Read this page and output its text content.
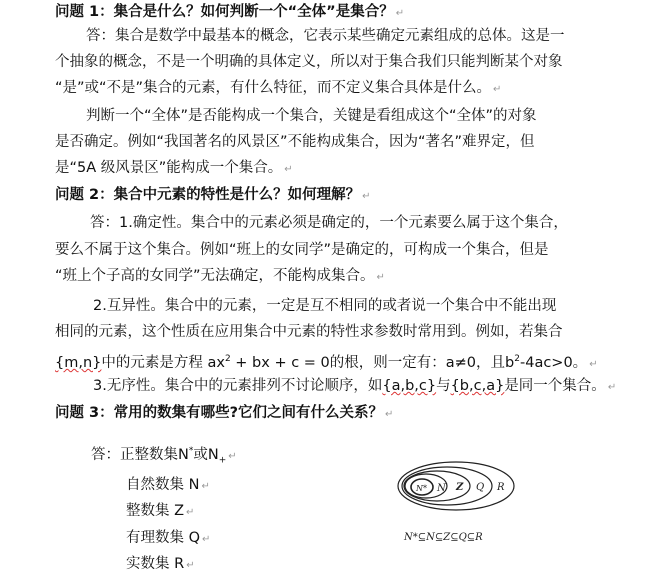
问题 1：集合是什么？如何判断一个“全体”是集合？ ↵
答：集合是数学中最基本的概念，它表示某些确定元素组成的总体。这是一
个抽象的概念，不是一个明确的具体定义，所以对于集合我们只能判断某个对象
“是”或“不是”集合的元素，有什么特征，而不定义集合具体是什么。 ↵
判断一个“全体”是否能构成一个集合，关键是看组成这个“全体”的对象
是否确定。例如“我国著名的风景区”不能构成集合，因为“著名”难界定，但
是“5A 级风景区”能构成一个集合。 ↵
问题 2：集合中元素的特性是什么？如何理解？ ↵
答：1.确定性。集合中的元素必须是确定的，一个元素要么属于这个集合，
要么不属于这个集合。例如“班上的女同学”是确定的，可构成一个集合，但是
“班上个子高的女同学”无法确定，不能构成集合。 ↵
2.互异性。集合中的元素，一定是互不相同的或者说一个集合中不能出现
相同的元素，这个性质在应用集合中元素的特性求参数时常用到。例如，若集合
{m,n}中的元素是方程 $ax^2$ + bx + c = 0的根，则一定有：a≠0，且$b^2-4ac>0$。 ↵
3.无序性。集合中的元素排列不讨论顺序，如{a,b,c}与{b,c,a}是同一个集合。 ↵
问题 3：常用的数集有哪些?它们之间有什么关系？ ↵
答：正整数集N*或$N_+$ ↵
自然数集 N ↵
整数集 Z ↵
有理数集 Q ↵
实数集 R ↵
N* N Z Q R
N*⊆N⊆Z⊆Q⊆R
